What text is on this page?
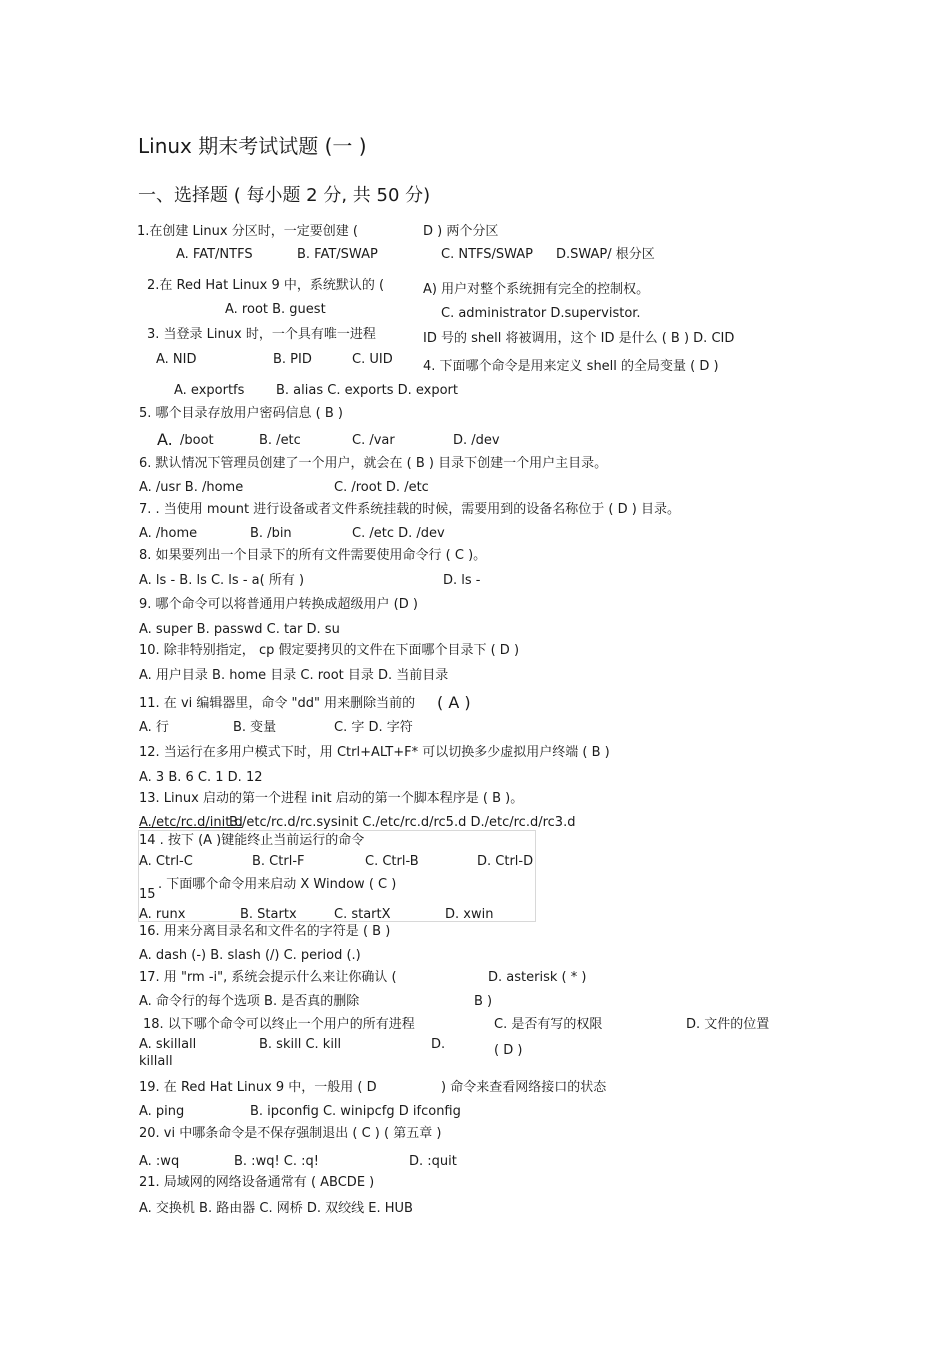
Linux 期末考试试题 (一 )
一、选择题 ( 每小题 2 分, 共 50 分)
1.在创建 Linux 分区时，一定要创建 (	D ) 两个分区
A. FAT/NTFS	B. FAT/SWAP	C. NTFS/SWAP D.SWAP/ 根分区
2.在 Red Hat Linux 9 中，系统默认的 (	A) 用户对整个系统拥有完全的控制权。
A. root B. guest	C. administrator D.supervistor.
3. 当登录 Linux 时，一个具有唯一进程	ID 号的 shell 将被调用，这个 ID 是什么 ( B ) D. CID
A. NID	B. PID	C. UID 4. 下面哪个命令是用来定义 shell 的全局变量 ( D )
A. exportfs B. alias C. exports D. export
5. 哪个目录存放用户密码信息 ( B )
A. /boot	B. /etc	C. /var	D. /dev
6. 默认情况下管理员创建了一个用户，就会在 ( B ) 目录下创建一个用户主目录。
A. /usr B. /home	C. /root D. /etc
7. . 当使用 mount 进行设备或者文件系统挂载的时候，需要用到的设备名称位于 ( D ) 目录。
A. /home	B. /bin	C. /etc D. /dev
8. 如果要列出一个目录下的所有文件需要使用命令行 ( C )。
A. ls - B. ls C. ls - a( 所有 )	D. ls -
9. 哪个命令可以将普通用户转换成超级用户 (D )
A. super B. passwd C. tar D. su
10. 除非特别指定， cp 假定要拷贝的文件在下面哪个目录下 ( D )
A. 用户目录 B. home 目录 C. root 目录 D. 当前目录
11. 在 vi 编辑器里，命令 "dd" 用来删除当前的 ( A )
A. 行	B. 变量	C. 字 D. 字符
12. 当运行在多用户模式下时，用 Ctrl+ALT+F* 可以切换多少虚拟用户终端 ( B )
A. 3 B. 6 C. 1 D. 12
13. Linux 启动的第一个进程 init 启动的第一个脚本程序是 ( B )。
A./etc/rc.d/init.d
B./etc/rc.d/rc.sysinit C./etc/rc.d/rc5.d D./etc/rc.d/rc3.d
14 . 按下 (A )键能终止当前运行的命令
A. Ctrl-C	B. Ctrl-F	C. Ctrl-B	D. Ctrl-D
. 下面哪个命令用来启动 X Window ( C )
15
A. runx	B. Startx	C. startX	D. xwin
16. 用来分离目录名和文件名的字符是 ( B )
A. dash (-) B. slash (/) C. period (.)
17. 用 "rm -i", 系统会提示什么来让你确认 (	D. asterisk ( * )
A. 命令行的每个选项 B. 是否真的删除	B )
18. 以下哪个命令可以终止一个用户的所有进程	C. 是否有写的权限	D. 文件的位置
A. skillall	B. skill C. kill	D.	( D )
killall
19. 在 Red Hat Linux 9 中，一般用 ( D	) 命令来查看网络接口的状态
A. ping	B. ipconfig C. winipcfg D ifconfig
20. vi 中哪条命令是不保存强制退出 ( C ) ( 第五章 )
A. :wq	B. :wq! C. :q!	D. :quit
21. 局域网的网络设备通常有 ( ABCDE )
A. 交换机 B. 路由器 C. 网桥 D. 双绞线 E. HUB
